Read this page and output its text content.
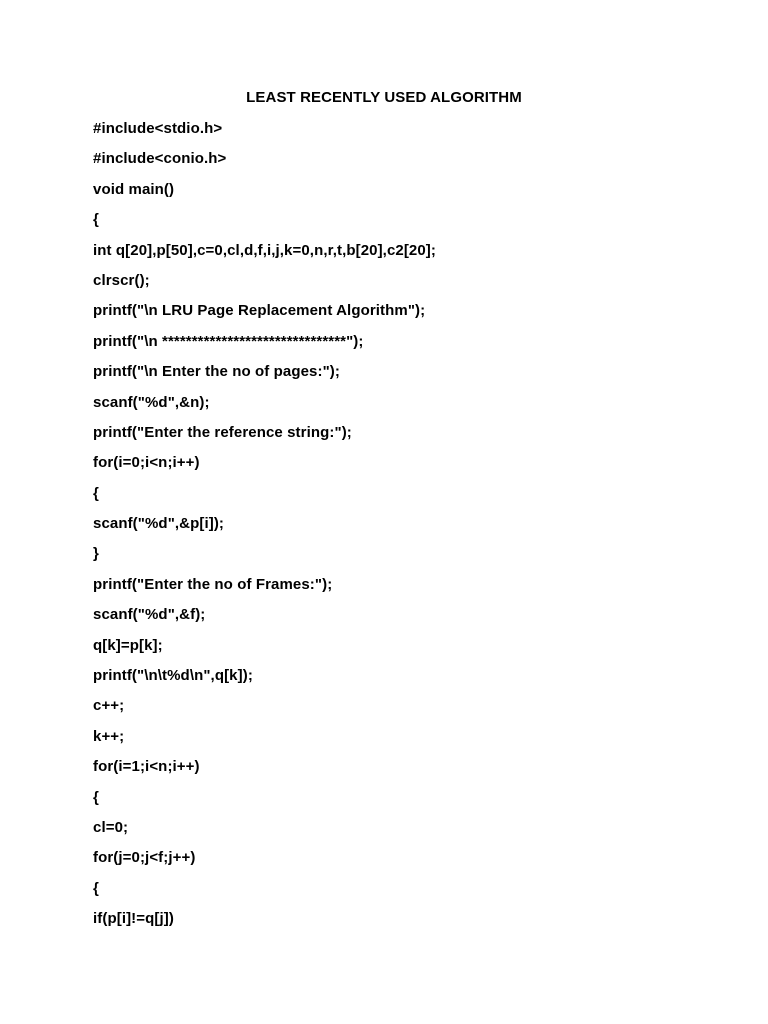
LEAST RECENTLY USED ALGORITHM
#include<stdio.h>
#include<conio.h>
void main()
{
int q[20],p[50],c=0,cl,d,f,i,j,k=0,n,r,t,b[20],c2[20];
clrscr();
printf("\n LRU Page Replacement Algorithm");
printf("\n *******************************");
printf("\n Enter the no of pages:");
scanf("%d",&n);
printf("Enter the reference string:");
for(i=0;i<n;i++)
{
scanf("%d",&p[i]);
}
printf("Enter the no of Frames:");
scanf("%d",&f);
q[k]=p[k];
printf("\n\t%d\n",q[k]);
c++;
k++;
for(i=1;i<n;i++)
{
cl=0;
for(j=0;j<f;j++)
{
if(p[i]!=q[j])
